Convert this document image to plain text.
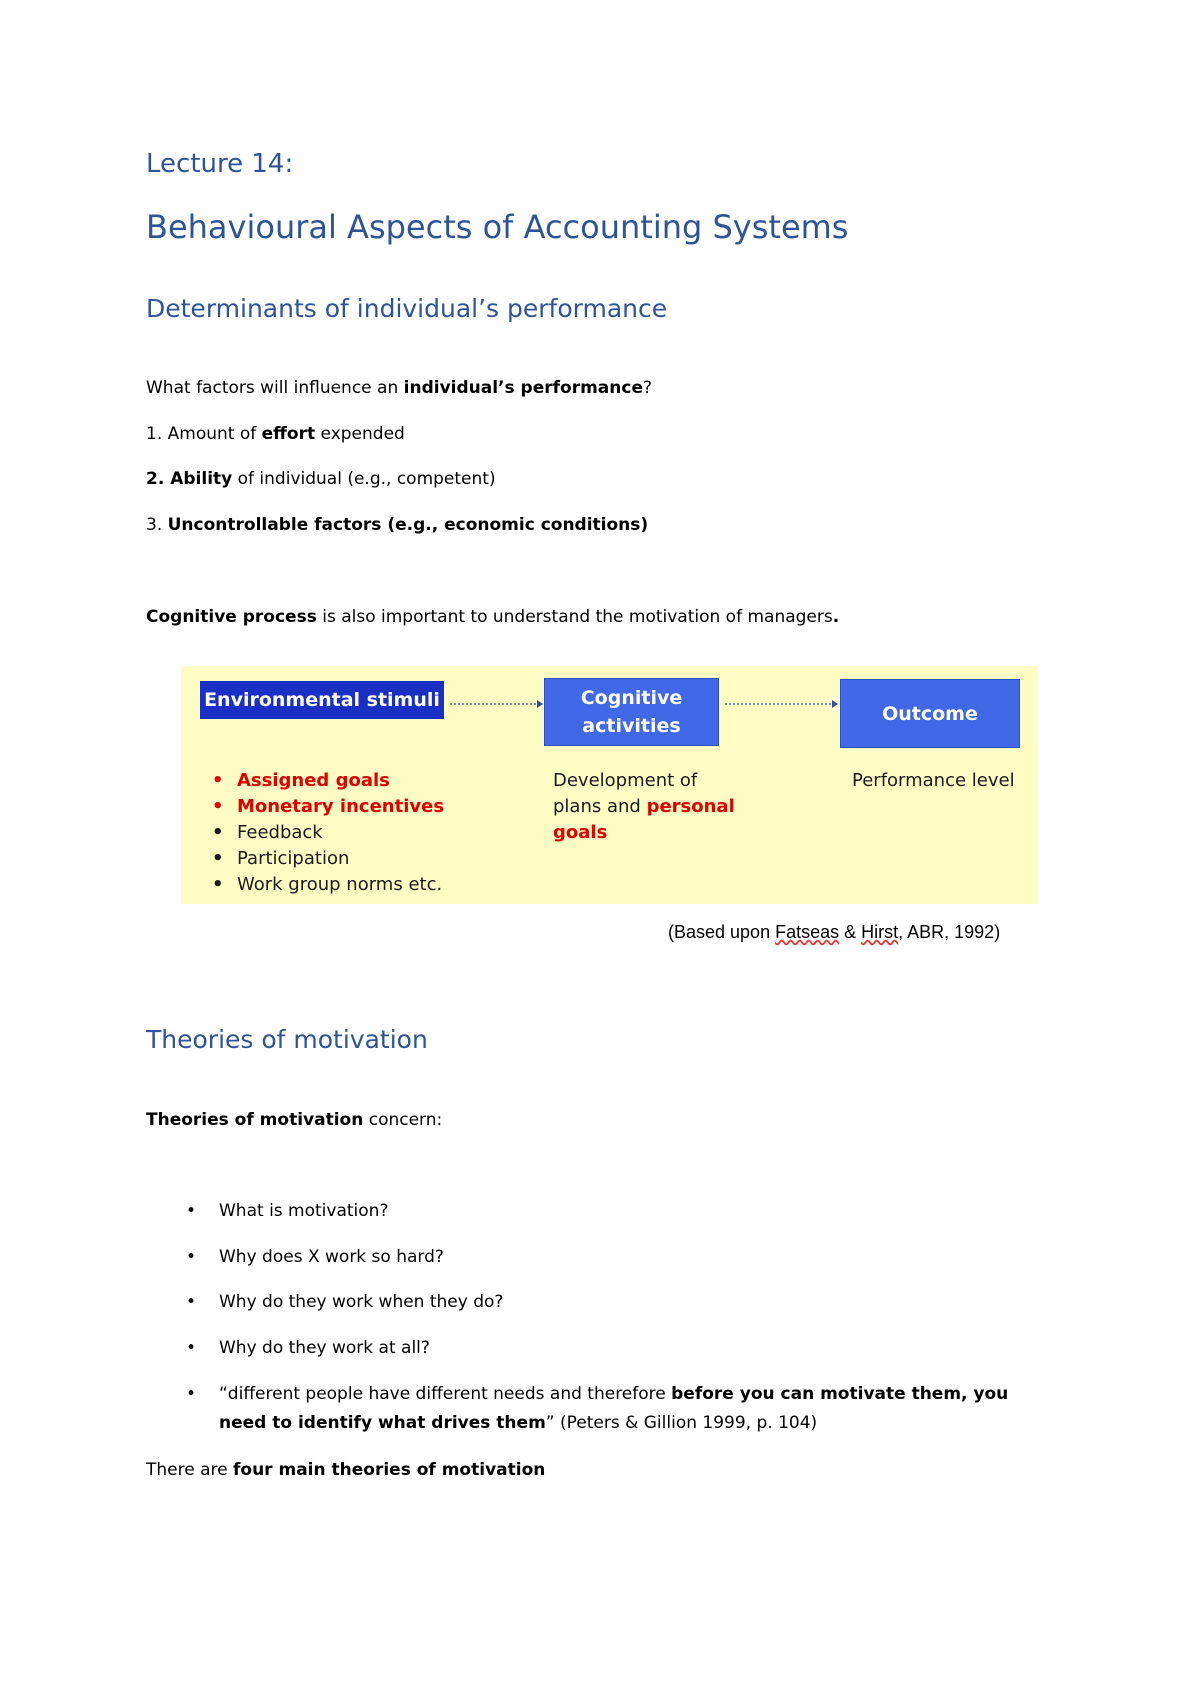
Lecture 14:
Behavioural Aspects of Accounting Systems
Determinants of individual’s performance
What factors will influence an individual’s performance?
1. Amount of effort expended
2. Ability of individual (e.g., competent)
3. Uncontrollable factors (e.g., economic conditions)
Cognitive process is also important to understand the motivation of managers.
Environmental stimuli	Cognitive
activities
Outcome
• Assigned goals
• Monetary incentives
• Feedback
• Participation
• Work group norms etc.
Development of
plans and personal
goals
Performance level
(Based upon Fatseas & Hirst, ABR, 1992)
Theories of motivation
Theories of motivation concern:
• What is motivation?
• Why does X work so hard?
• Why do they work when they do?
• Why do they work at all?
• “different people have different needs and therefore before you can motivate them, you
need to identify what drives them” (Peters & Gillion 1999, p. 104)
There are four main theories of motivation
